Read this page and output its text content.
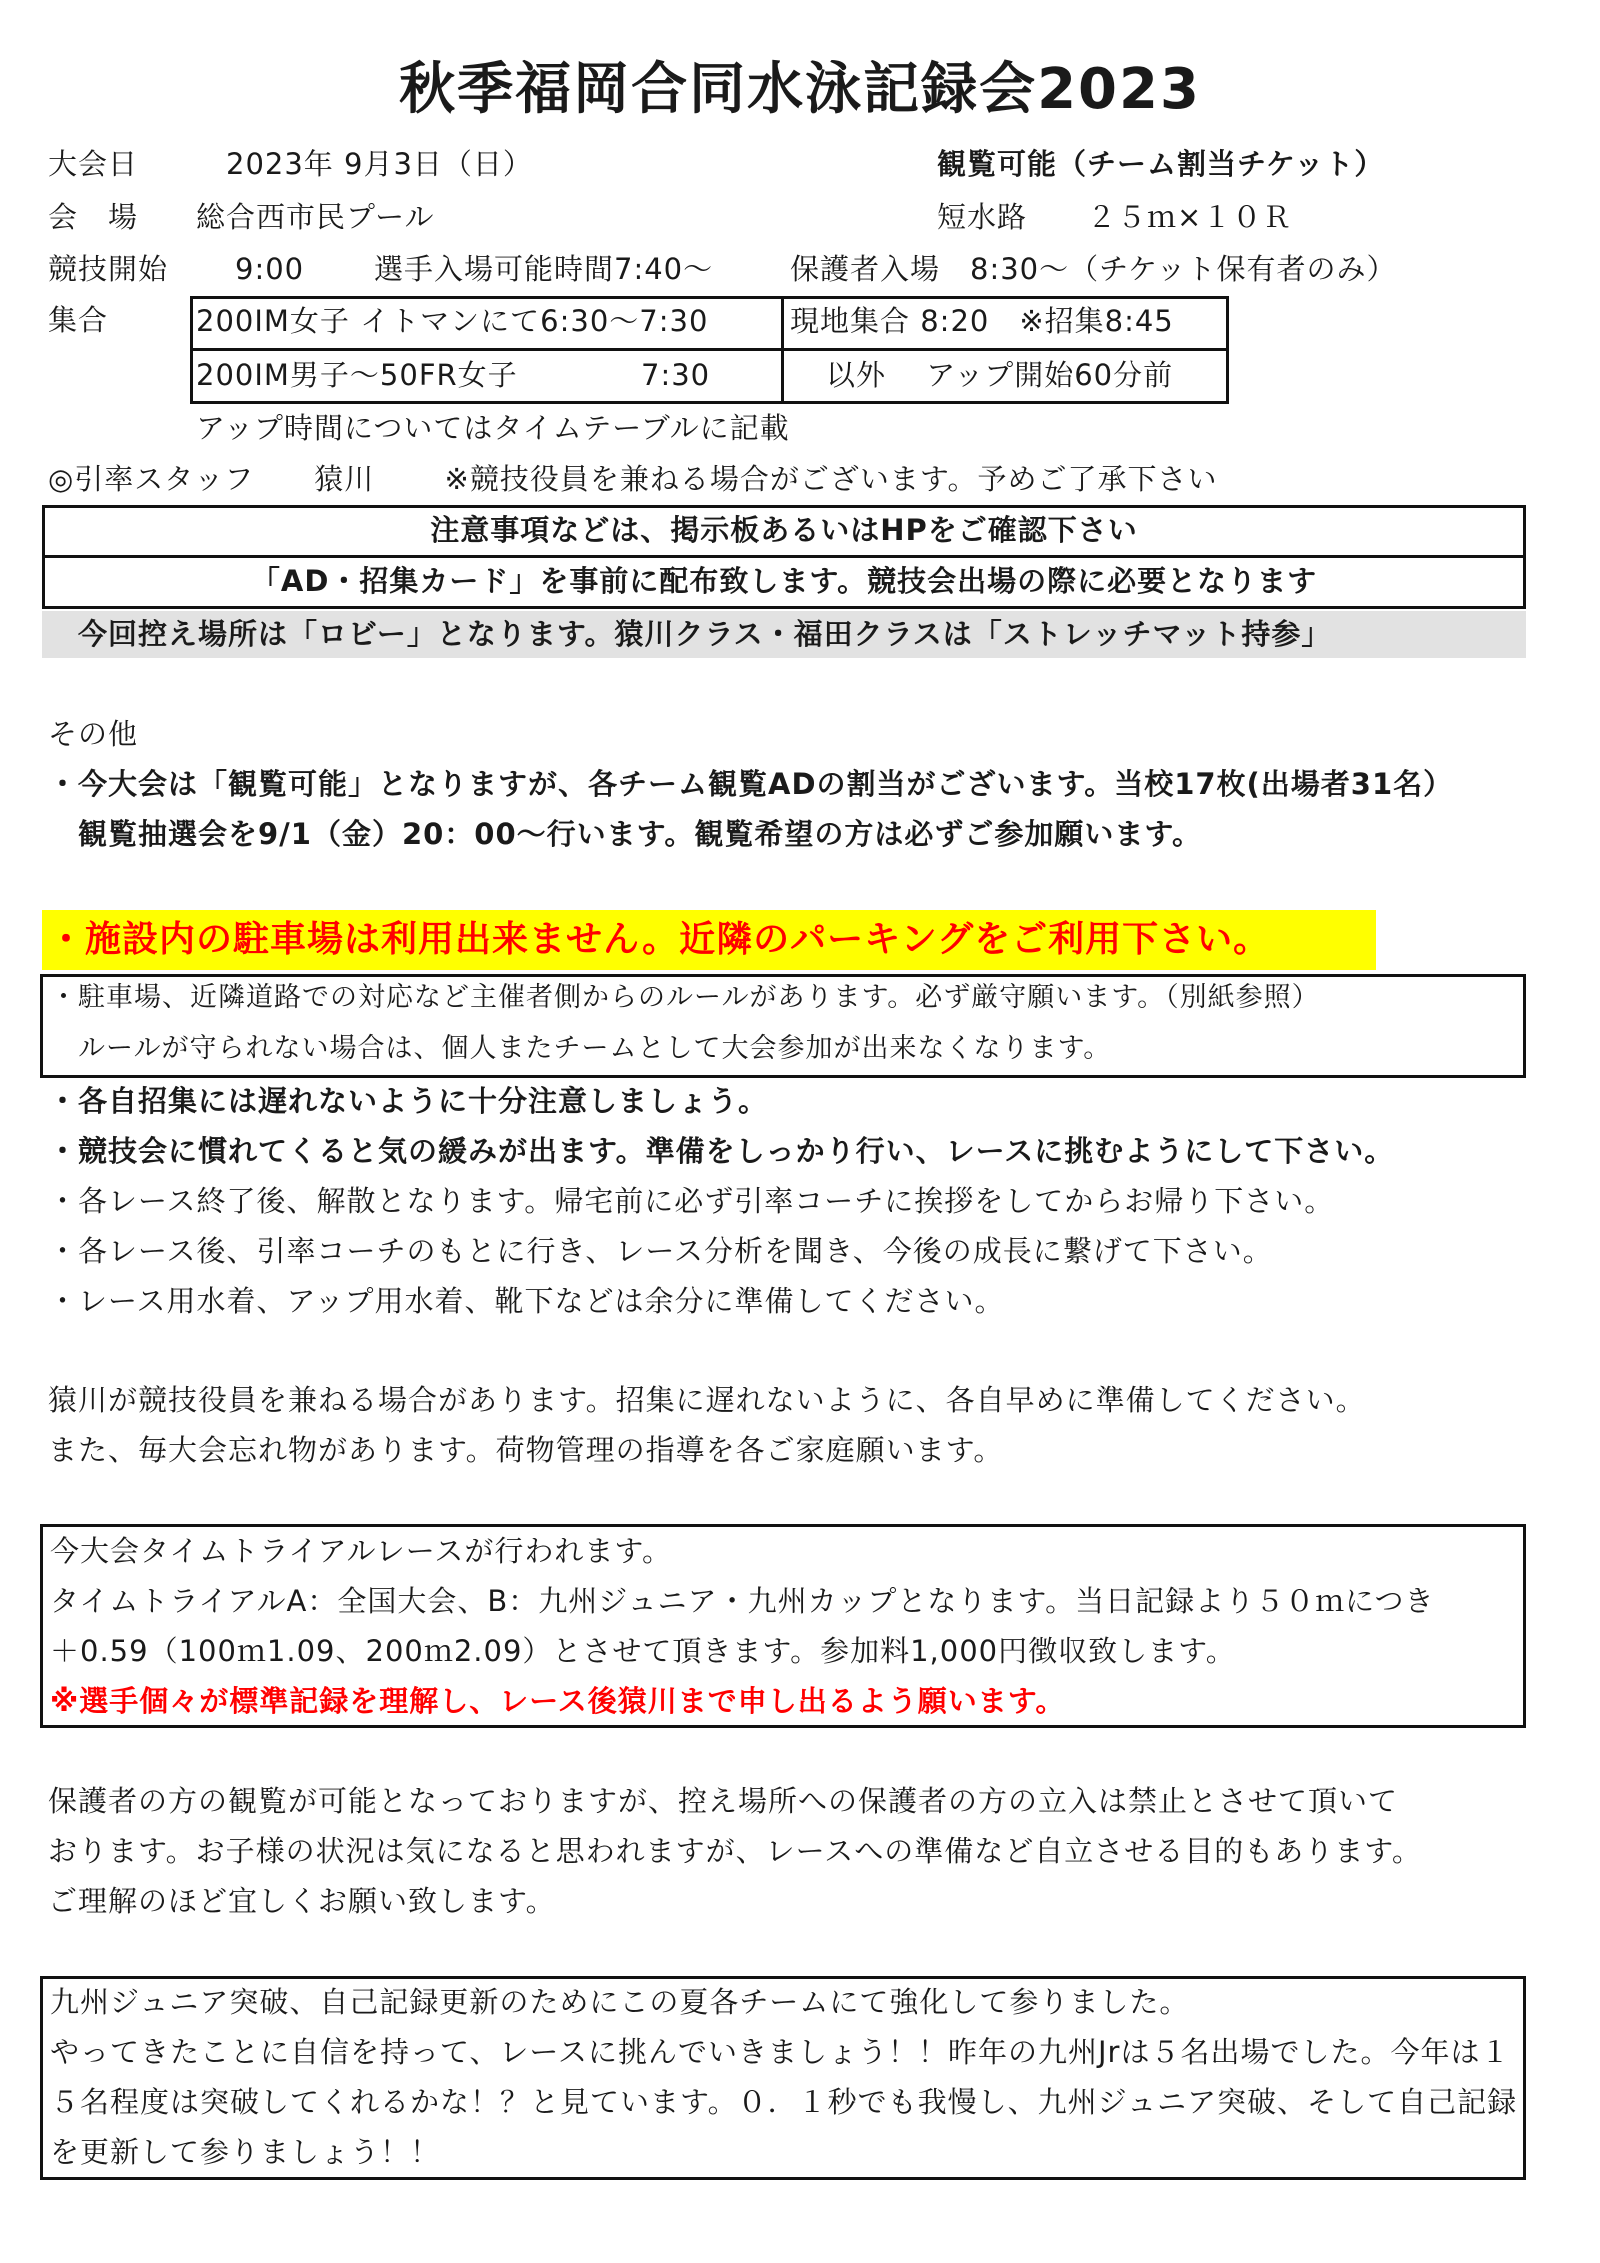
秋季福岡合同水泳記録会2023
大会日	2023年 9月3日（日）	観覧可能（チーム割当チケット）
会　場 総合西市民プール	短水路　　２５ｍ×１０Ｒ
競技開始 9:00 選手入場可能時間7:40～	保護者入場　8:30～（チケット保有者のみ）
集合	200IM女子 イトマンにて6:30～7:30	現地集合 8:20　※招集8:45
200IM男子～50FR女子	7:30	以外　 アップ開始60分前
アップ時間についてはタイムテーブルに記載
◎引率スタッフ　　猿川　　 ※競技役員を兼ねる場合がございます。予めご了承下さい
注意事項などは、掲示板あるいはHPをご確認下さい
「AD・招集カード」を事前に配布致します。競技会出場の際に必要となります
今回控え場所は「ロビー」となります。猿川クラス・福田クラスは「ストレッチマット持参」
その他
・今大会は「観覧可能」となりますが、各チーム観覧ADの割当がございます。当校17枚(出場者31名）
観覧抽選会を9/1（金）20：00～行います。観覧希望の方は必ずご参加願います。
・施設内の駐車場は利用出来ません。近隣のパーキングをご利用下さい。
・駐車場、近隣道路での対応など主催者側からのルールがあります。必ず厳守願います。（別紙参照）
ルールが守られない場合は、個人またチームとして大会参加が出来なくなります。
・各自招集には遅れないように十分注意しましょう。
・競技会に慣れてくると気の緩みが出ます。準備をしっかり行い、レースに挑むようにして下さい。
・各レース終了後、解散となります。帰宅前に必ず引率コーチに挨拶をしてからお帰り下さい。
・各レース後、引率コーチのもとに行き、レース分析を聞き、今後の成長に繋げて下さい。
・レース用水着、アップ用水着、靴下などは余分に準備してください。
猿川が競技役員を兼ねる場合があります。招集に遅れないように、各自早めに準備してください。
また、毎大会忘れ物があります。荷物管理の指導を各ご家庭願います。
今大会タイムトライアルレースが行われます。
タイムトライアルA：全国大会、B：九州ジュニア・九州カップとなります。当日記録より５０ｍにつき
＋0.59（100ｍ1.09、200ｍ2.09）とさせて頂きます。参加料1,000円徴収致します。
※選手個々が標準記録を理解し、レース後猿川まで申し出るよう願います。
保護者の方の観覧が可能となっておりますが、控え場所への保護者の方の立入は禁止とさせて頂いて
おります。お子様の状況は気になると思われますが、レースへの準備など自立させる目的もあります。
ご理解のほど宜しくお願い致します。
九州ジュニア突破、自己記録更新のためにこの夏各チームにて強化して参りました。
やってきたことに自信を持って、レースに挑んでいきましょう！！昨年の九州Jrは５名出場でした。今年は１
５名程度は突破してくれるかな！？と見ています。０．１秒でも我慢し、九州ジュニア突破、そして自己記録
を更新して参りましょう！！
